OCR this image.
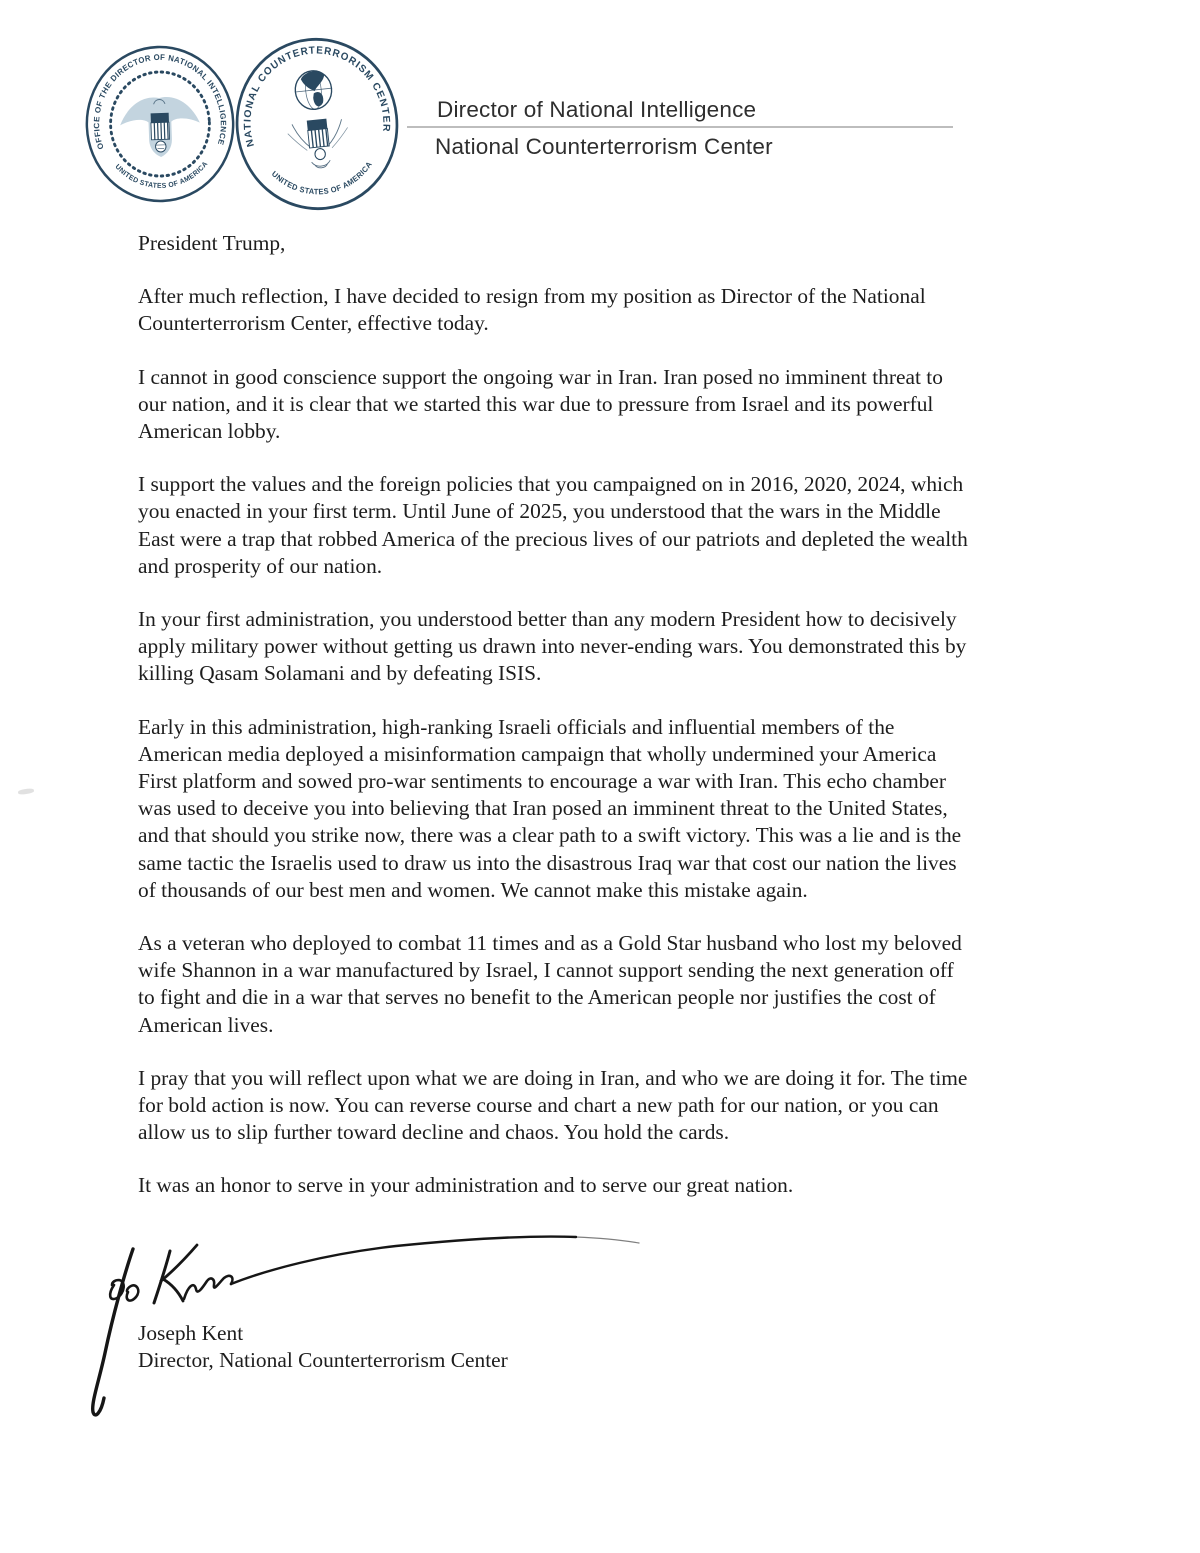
OFFICE OF THE DIRECTOR OF NATIONAL INTELLIGENCE
UNITED STATES OF AMERICA
NATIONAL COUNTERTERRORISM CENTER
UNITED STATES OF AMERICA
Director of National Intelligence
National Counterterrorism Center
President Trump,
After much reflection, I have decided to resign from my position as Director of the National
Counterterrorism Center, effective today.
I cannot in good conscience support the ongoing war in Iran. Iran posed no imminent threat to
our nation, and it is clear that we started this war due to pressure from Israel and its powerful
American lobby.
I support the values and the foreign policies that you campaigned on in 2016, 2020, 2024, which
you enacted in your first term. Until June of 2025, you understood that the wars in the Middle
East were a trap that robbed America of the precious lives of our patriots and depleted the wealth
and prosperity of our nation.
In your first administration, you understood better than any modern President how to decisively
apply military power without getting us drawn into never-ending wars. You demonstrated this by
killing Qasam Solamani and by defeating ISIS.
Early in this administration, high-ranking Israeli officials and influential members of the
American media deployed a misinformation campaign that wholly undermined your America
First platform and sowed pro-war sentiments to encourage a war with Iran. This echo chamber
was used to deceive you into believing that Iran posed an imminent threat to the United States,
and that should you strike now, there was a clear path to a swift victory. This was a lie and is the
same tactic the Israelis used to draw us into the disastrous Iraq war that cost our nation the lives
of thousands of our best men and women. We cannot make this mistake again.
As a veteran who deployed to combat 11 times and as a Gold Star husband who lost my beloved
wife Shannon in a war manufactured by Israel, I cannot support sending the next generation off
to fight and die in a war that serves no benefit to the American people nor justifies the cost of
American lives.
I pray that you will reflect upon what we are doing in Iran, and who we are doing it for. The time
for bold action is now. You can reverse course and chart a new path for our nation, or you can
allow us to slip further toward decline and chaos. You hold the cards.
It was an honor to serve in your administration and to serve our great nation.
Joseph Kent
Director, National Counterterrorism Center
